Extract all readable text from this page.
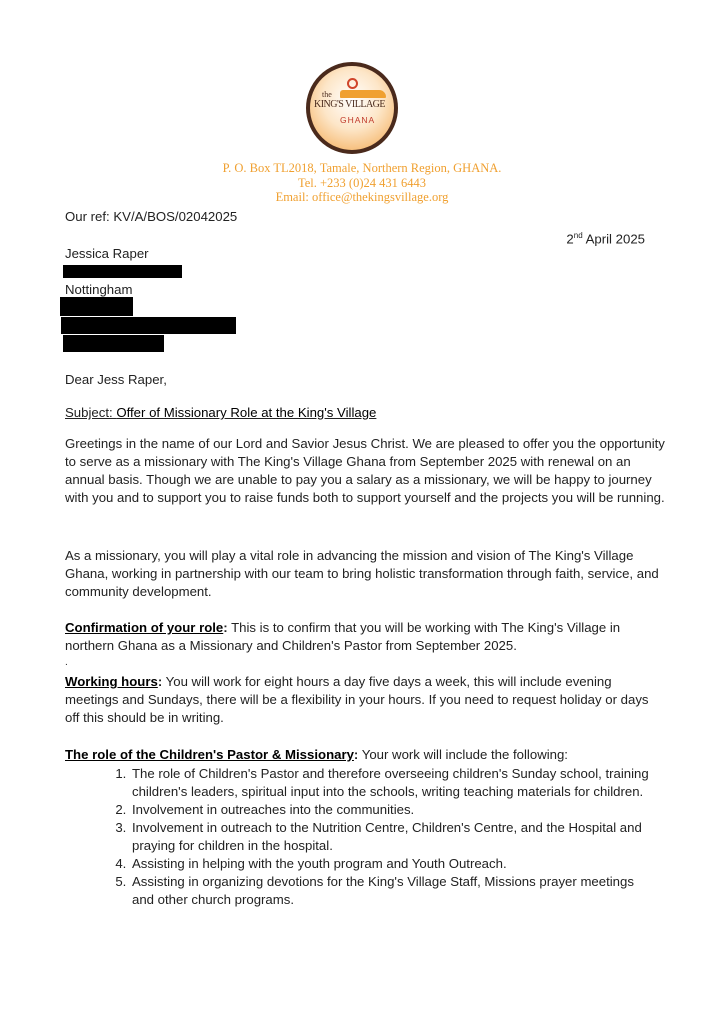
the
KING'S VILLAGE
GHANA
P. O. Box TL2018, Tamale, Northern Region, GHANA.
Tel. +233 (0)24 431 6443
Email: office@thekingsvillage.org
Our ref: KV/A/BOS/02042025
2nd April 2025
Jessica Raper
Nottingham
Dear Jess Raper,
Subject: Offer of Missionary Role at the King's Village
Greetings in the name of our Lord and Savior Jesus Christ. We are pleased to offer you the opportunity to serve as a missionary with The King's Village Ghana from September 2025 with renewal on an annual basis. Though we are unable to pay you a salary as a missionary, we will be happy to journey with you and to support you to raise funds both to support yourself and the projects you will be running.
As a missionary, you will play a vital role in advancing the mission and vision of The King's Village Ghana, working in partnership with our team to bring holistic transformation through faith, service, and community development.
Confirmation of your role: This is to confirm that you will be working with The King's Village in northern Ghana as a Missionary and Children's Pastor from September 2025.
.
Working hours: You will work for eight hours a day five days a week, this will include evening meetings and Sundays, there will be a flexibility in your hours. If you need to request holiday or days off this should be in writing.
The role of the Children's Pastor & Missionary: Your work will include the following:
1. The role of Children's Pastor and therefore overseeing children's Sunday school, training children's leaders, spiritual input into the schools, writing teaching materials for children.
2. Involvement in outreaches into the communities.
3. Involvement in outreach to the Nutrition Centre, Children's Centre, and the Hospital and praying for children in the hospital.
4. Assisting in helping with the youth program and Youth Outreach.
5. Assisting in organizing devotions for the King's Village Staff, Missions prayer meetings and other church programs.
